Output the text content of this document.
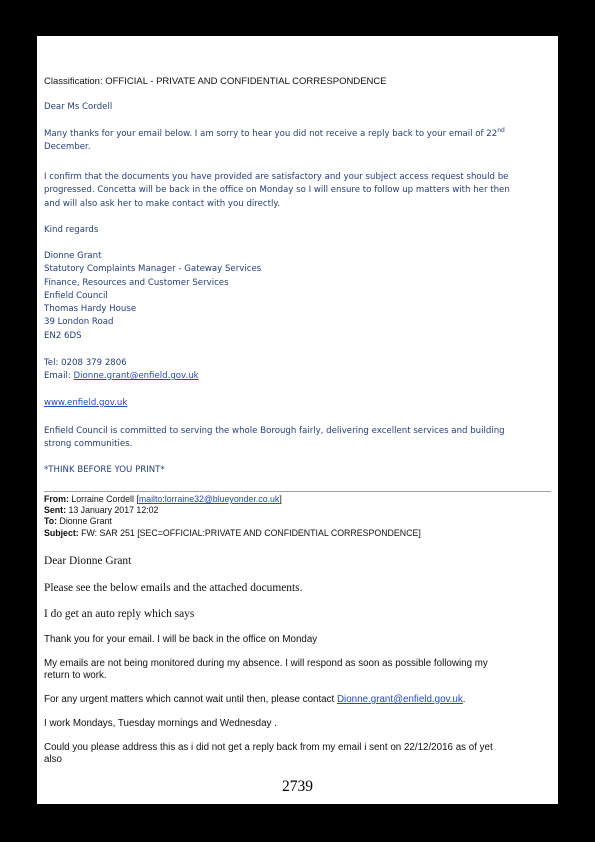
Classification: OFFICIAL - PRIVATE AND CONFIDENTIAL CORRESPONDENCE

Dear Ms Cordell

Many thanks for your email below. I am sorry to hear you did not receive a reply back to your email of 22nd
December.

I confirm that the documents you have provided are satisfactory and your subject access request should be
progressed. Concetta will be back in the office on Monday so I will ensure to follow up matters with her then
and will also ask her to make contact with you directly.

Kind regards

Dionne Grant
Statutory Complaints Manager - Gateway Services
Finance, Resources and Customer Services
Enfield Council
Thomas Hardy House
39 London Road
EN2 6DS

Tel: 0208 379 2806

Email: Dionne.grant@enfield.gov.uk

www.enfield.gov.uk

Enfield Council is committed to serving the whole Borough fairly, delivering excellent services and building
strong communities.

*THINK BEFORE YOU PRINT*

From: Lorraine Cordell [mailto:lorraine32@blueyonder.co.uk]
Sent: 13 January 2017 12:02
To: Dionne Grant
Subject: FW: SAR 251 [SEC=OFFICIAL:PRIVATE AND CONFIDENTIAL CORRESPONDENCE]

Dear Dionne Grant

Please see the below emails and the attached documents.

I do get an auto reply which says

Thank you for your email. I will be back in the office on Monday

My emails are not being monitored during my absence. I will respond as soon as possible following my
return to work.

For any urgent matters which cannot wait until then, please contact Dionne.grant@enfield.gov.uk.

I work Mondays, Tuesday mornings and Wednesday .

Could you please address this as i did not get a reply back from my email i sent on 22/12/2016 as of yet
also

2739
